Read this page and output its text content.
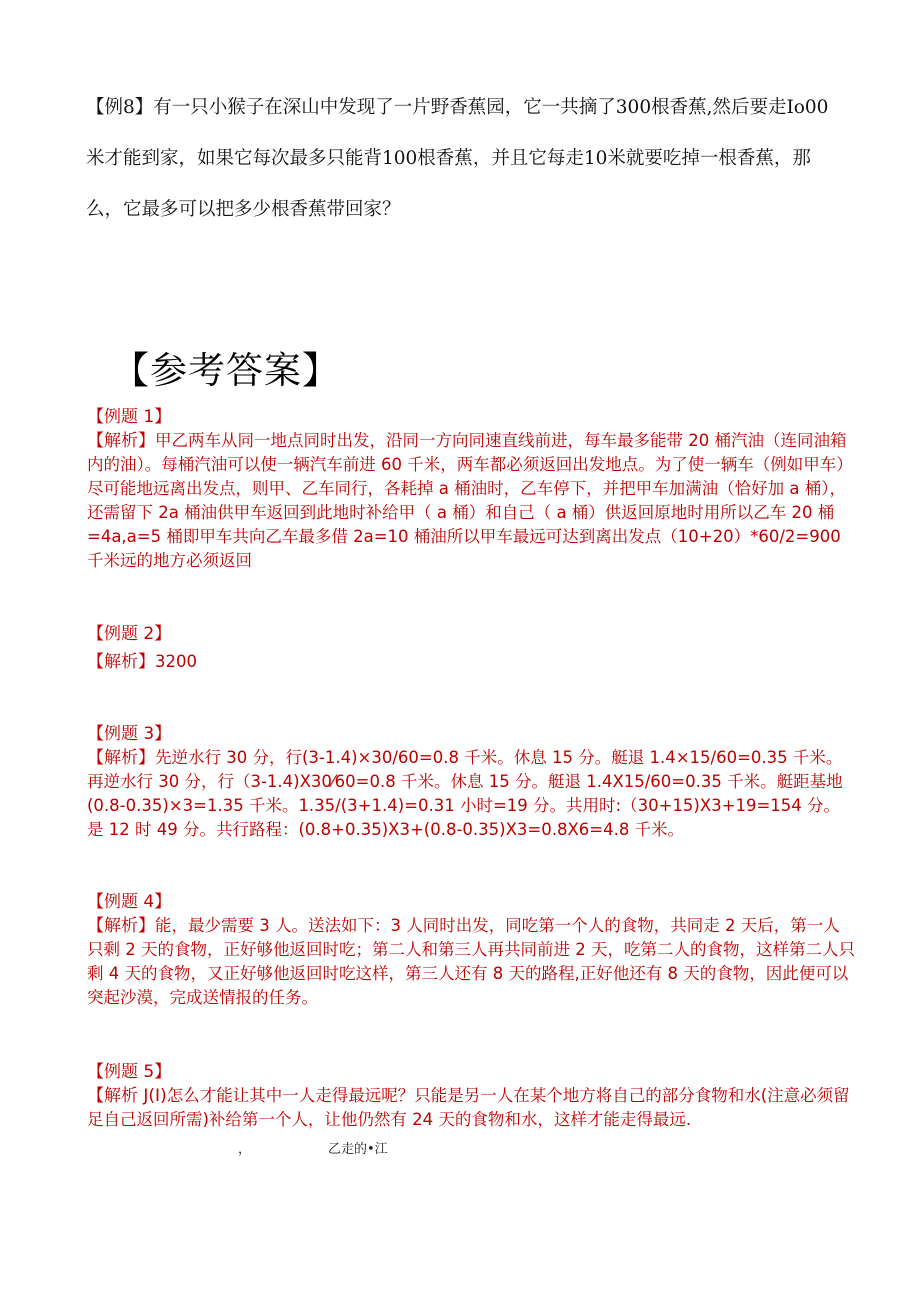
【例8】有一只小猴子在深山中发现了一片野香蕉园，它一共摘了300根香蕉,然后要走Io00米才能到家，如果它每次最多只能背100根香蕉，并且它每走10米就要吃掉一根香蕉，那么，它最多可以把多少根香蕉带回家？
【参考答案】

【例题 1】

【解析】甲乙两车从同一地点同时出发，沿同一方向同速直线前进，每车最多能带 20 桶汽油（连同油箱内的油）。每桶汽油可以使一辆汽车前进 60 千米，两车都必须返回出发地点。为了使一辆车（例如甲车）尽可能地远离出发点，则甲、乙车同行，各耗掉 a 桶油时，乙车停下，并把甲车加满油（恰好加 a 桶），还需留下 2a 桶油供甲车返回到此地时补给甲（ a 桶）和自己（ a 桶）供返回原地时用所以乙车 20 桶=4a,a=5 桶即甲车共向乙车最多借 2a=10 桶油所以甲车最远可达到离出发点（10+20）*60/2=900 千米远的地方必须返回

【例题 2】

【解析】3200

【例题 3】

【解析】先逆水行 30 分，行(3-1.4)×30/60=0.8 千米。休息 15 分。艇退 1.4×15/60=0.35 千米。再逆水行 30 分，行（3-1.4)X30⁄60=0.8 千米。休息 15 分。艇退 1.4X15/60=0.35 千米。艇距基地(0.8-0.35)×3=1.35 千米。1.35/(3+1.4)=0.31 小时=19 分。共用时:（30+15)X3+19=154 分。是 12 时 49 分。共行路程：(0.8+0.35)X3+(0.8-0.35)X3=0.8X6=4.8 千米。

【例题 4】

【解析】能，最少需要 3 人。送法如下：3 人同时出发，同吃第一个人的食物，共同走 2 天后，第一人只剩 2 天的食物，正好够他返回时吃；第二人和第三人再共同前进 2 天，吃第二人的食物，这样第二人只剩 4 天的食物，又正好够他返回时吃这样，第三人还有 8 天的路程,正好他还有 8 天的食物，因此便可以突起沙漠，完成送情报的任务。

【例题 5】

【解析 J(I)怎么才能让其中一人走得最远呢？只能是另一人在某个地方将自己的部分食物和水(注意必须留足自己返回所需)补给第一个人，让他仍然有 24 天的食物和水，这样才能走得最远.

，	乙走的•江
